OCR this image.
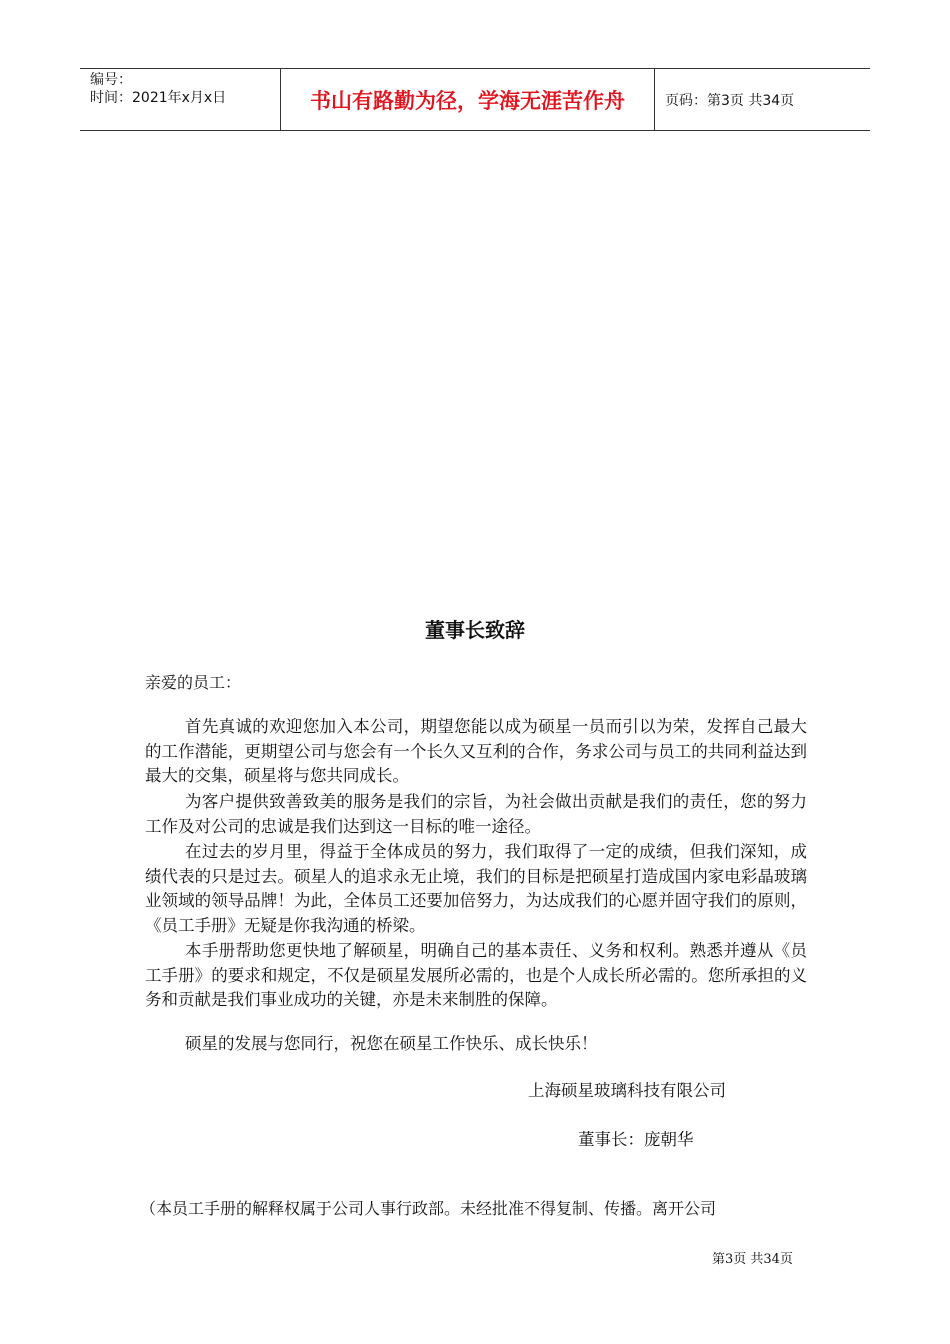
编号：
时间：2021年x月x日	书山有路勤为径，学海无涯苦作舟	页码：第3页 共34页
董事长致辞
亲爱的员工：
首先真诚的欢迎您加入本公司，期望您能以成为硕星一员而引以为荣，发挥自己最大的工作潜能，更期望公司与您会有一个长久又互利的合作，务求公司与员工的共同利益达到最大的交集，硕星将与您共同成长。
为客户提供致善致美的服务是我们的宗旨，为社会做出贡献是我们的责任，您的努力工作及对公司的忠诚是我们达到这一目标的唯一途径。
在过去的岁月里，得益于全体成员的努力，我们取得了一定的成绩，但我们深知，成绩代表的只是过去。硕星人的追求永无止境，我们的目标是把硕星打造成国内家电彩晶玻璃业领域的领导品牌！为此，全体员工还要加倍努力，为达成我们的心愿并固守我们的原则，《员工手册》无疑是你我沟通的桥梁。
本手册帮助您更快地了解硕星，明确自己的基本责任、义务和权利。熟悉并遵从《员工手册》的要求和规定，不仅是硕星发展所必需的，也是个人成长所必需的。您所承担的义务和贡献是我们事业成功的关键，亦是未来制胜的保障。
硕星的发展与您同行，祝您在硕星工作快乐、成长快乐！
上海硕星玻璃科技有限公司
董事长：庞朝华
（本员工手册的解释权属于公司人事行政部。未经批准不得复制、传播。离开公司
第3页 共34页
